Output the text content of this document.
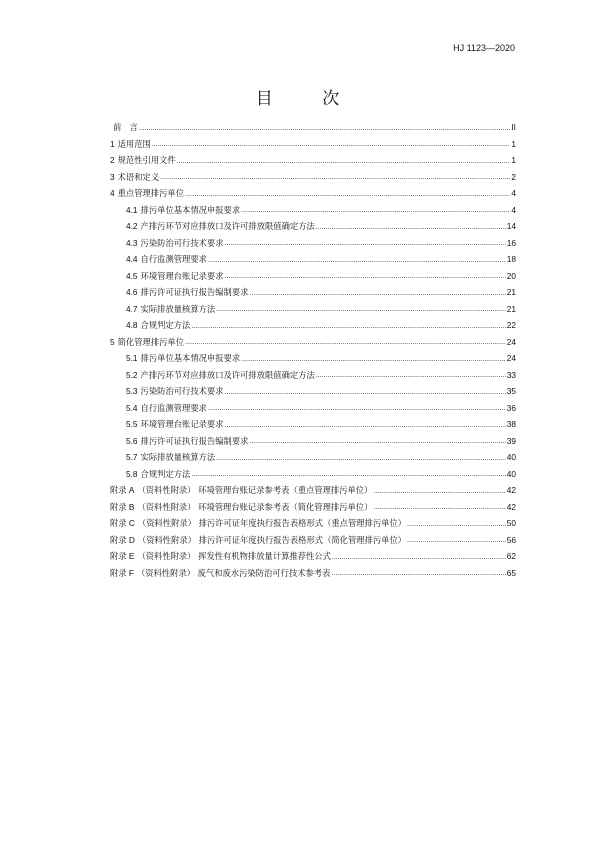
HJ 1123—2020
目 次
前　言 .....	II
1 适用范围 .....	1
2 规范性引用文件 .....	1
3 术语和定义 .....	2
4 重点管理排污单位 .....	4
4.1 排污单位基本情况申报要求 .....	4
4.2 产排污环节对应排放口及许可排放限值确定方法 .....	14
4.3 污染防治可行技术要求 .....	16
4.4 自行监测管理要求 .....	18
4.5 环境管理台账记录要求 .....	20
4.6 排污许可证执行报告编制要求 .....	21
4.7 实际排放量核算方法 .....	21
4.8 合规判定方法 .....	22
5 简化管理排污单位 .....	24
5.1 排污单位基本情况申报要求 .....	24
5.2 产排污环节对应排放口及许可排放限值确定方法 .....	33
5.3 污染防治可行技术要求 .....	35
5.4 自行监测管理要求 .....	36
5.5 环境管理台账记录要求 .....	38
5.6 排污许可证执行报告编制要求 .....	39
5.7 实际排放量核算方法 .....	40
5.8 合规判定方法 .....	40
附录 A （资料性附录） 环境管理台账记录参考表（重点管理排污单位） .....	42
附录 B （资料性附录） 环境管理台账记录参考表（简化管理排污单位） .....	42
附录 C （资料性附录） 排污许可证年度执行报告表格形式（重点管理排污单位） .....	50
附录 D （资料性附录） 排污许可证年度执行报告表格形式（简化管理排污单位） .....	56
附录 E （资料性附录） 挥发性有机物排放量计算推荐性公式 .....	62
附录 F （资料性附录） 废气和废水污染防治可行技术参考表 .....	65
